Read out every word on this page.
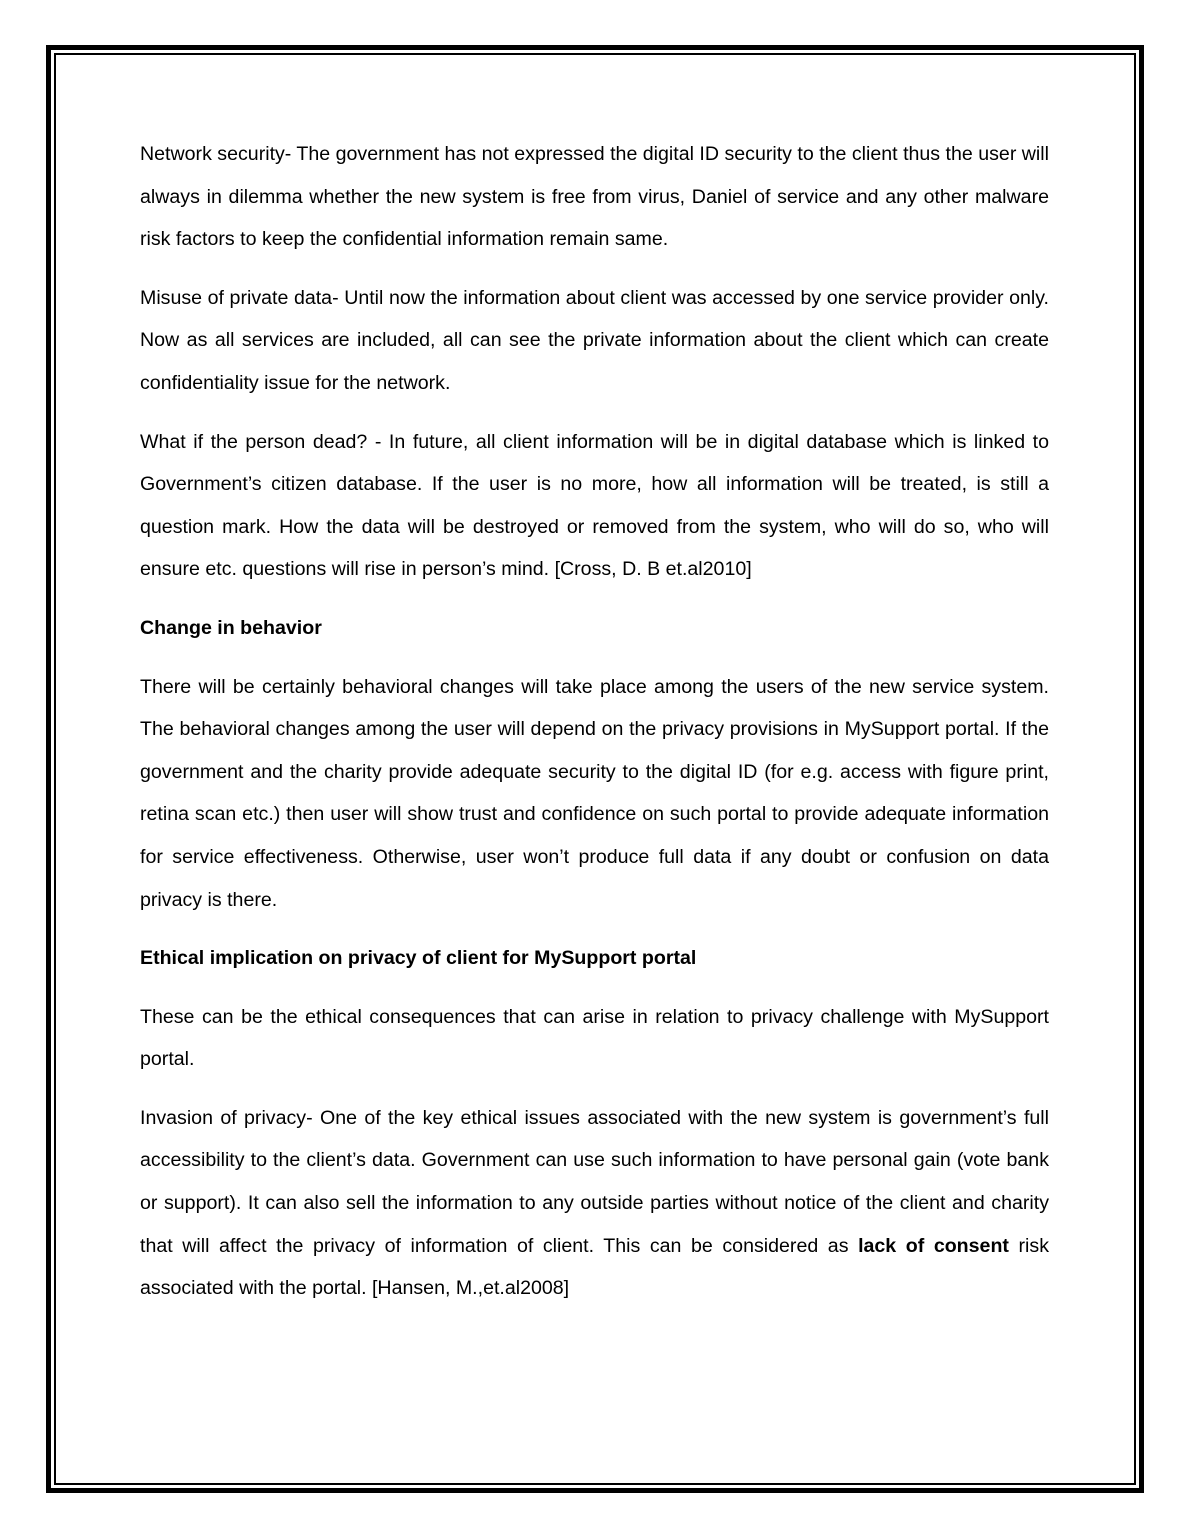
Network security- The government has not expressed the digital ID security to the client thus the user will always in dilemma whether the new system is free from virus, Daniel of service and any other malware risk factors to keep the confidential information remain same.

Misuse of private data- Until now the information about client was accessed by one service provider only. Now as all services are included, all can see the private information about the client which can create confidentiality issue for the network.

What if the person dead? - In future, all client information will be in digital database which is linked to Government’s citizen database. If the user is no more, how all information will be treated, is still a question mark. How the data will be destroyed or removed from the system, who will do so, who will ensure etc. questions will rise in person’s mind. [Cross, D. B et.al2010]

Change in behavior

There will be certainly behavioral changes will take place among the users of the new service system. The behavioral changes among the user will depend on the privacy provisions in MySupport portal. If the government and the charity provide adequate security to the digital ID (for e.g. access with figure print, retina scan etc.) then user will show trust and confidence on such portal to provide adequate information for service effectiveness. Otherwise, user won’t produce full data if any doubt or confusion on data privacy is there.

Ethical implication on privacy of client for MySupport portal

These can be the ethical consequences that can arise in relation to privacy challenge with MySupport portal.

Invasion of privacy- One of the key ethical issues associated with the new system is government’s full accessibility to the client’s data. Government can use such information to have personal gain (vote bank or support). It can also sell the information to any outside parties without notice of the client and charity that will affect the privacy of information of client. This can be considered as lack of consent risk associated with the portal. [Hansen, M.,et.al2008]
